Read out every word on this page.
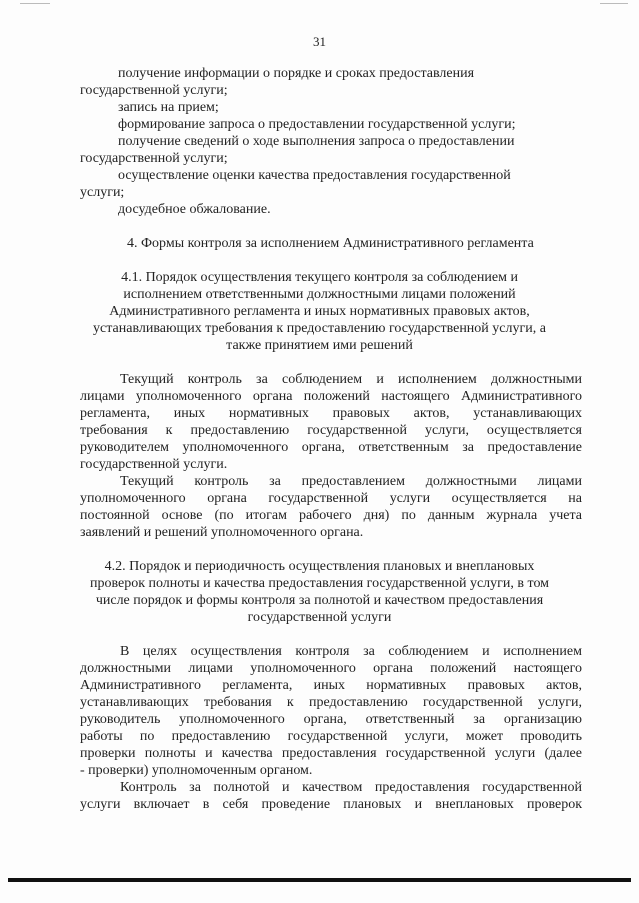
31
получение информации о порядке и сроках предоставления
государственной услуги;
запись на прием;
формирование запроса о предоставлении государственной услуги;
получение сведений о ходе выполнения запроса о предоставлении
государственной услуги;
осуществление оценки качества предоставления государственной
услуги;
досудебное обжалование.
4. Формы контроля за исполнением Административного регламента
4.1. Порядок осуществления текущего контроля за соблюдением и
исполнением ответственными должностными лицами положений
Административного регламента и иных нормативных правовых актов,
устанавливающих требования к предоставлению государственной услуги, а
также принятием ими решений
Текущий контроль за соблюдением и исполнением должностными
лицами уполномоченного органа положений настоящего Административного
регламента, иных нормативных правовых актов, устанавливающих
требования к предоставлению государственной услуги, осуществляется
руководителем уполномоченного органа, ответственным за предоставление
государственной услуги.
Текущий контроль за предоставлением должностными лицами
уполномоченного органа государственной услуги осуществляется на
постоянной основе (по итогам рабочего дня) по данным журнала учета
заявлений и решений уполномоченного органа.
4.2. Порядок и периодичность осуществления плановых и внеплановых
проверок полноты и качества предоставления государственной услуги, в том
числе порядок и формы контроля за полнотой и качеством предоставления
государственной услуги
В целях осуществления контроля за соблюдением и исполнением
должностными лицами уполномоченного органа положений настоящего
Административного регламента, иных нормативных правовых актов,
устанавливающих требования к предоставлению государственной услуги,
руководитель уполномоченного органа, ответственный за организацию
работы по предоставлению государственной услуги, может проводить
проверки полноты и качества предоставления государственной услуги (далее
- проверки) уполномоченным органом.
Контроль за полнотой и качеством предоставления государственной
услуги включает в себя проведение плановых и внеплановых проверок
